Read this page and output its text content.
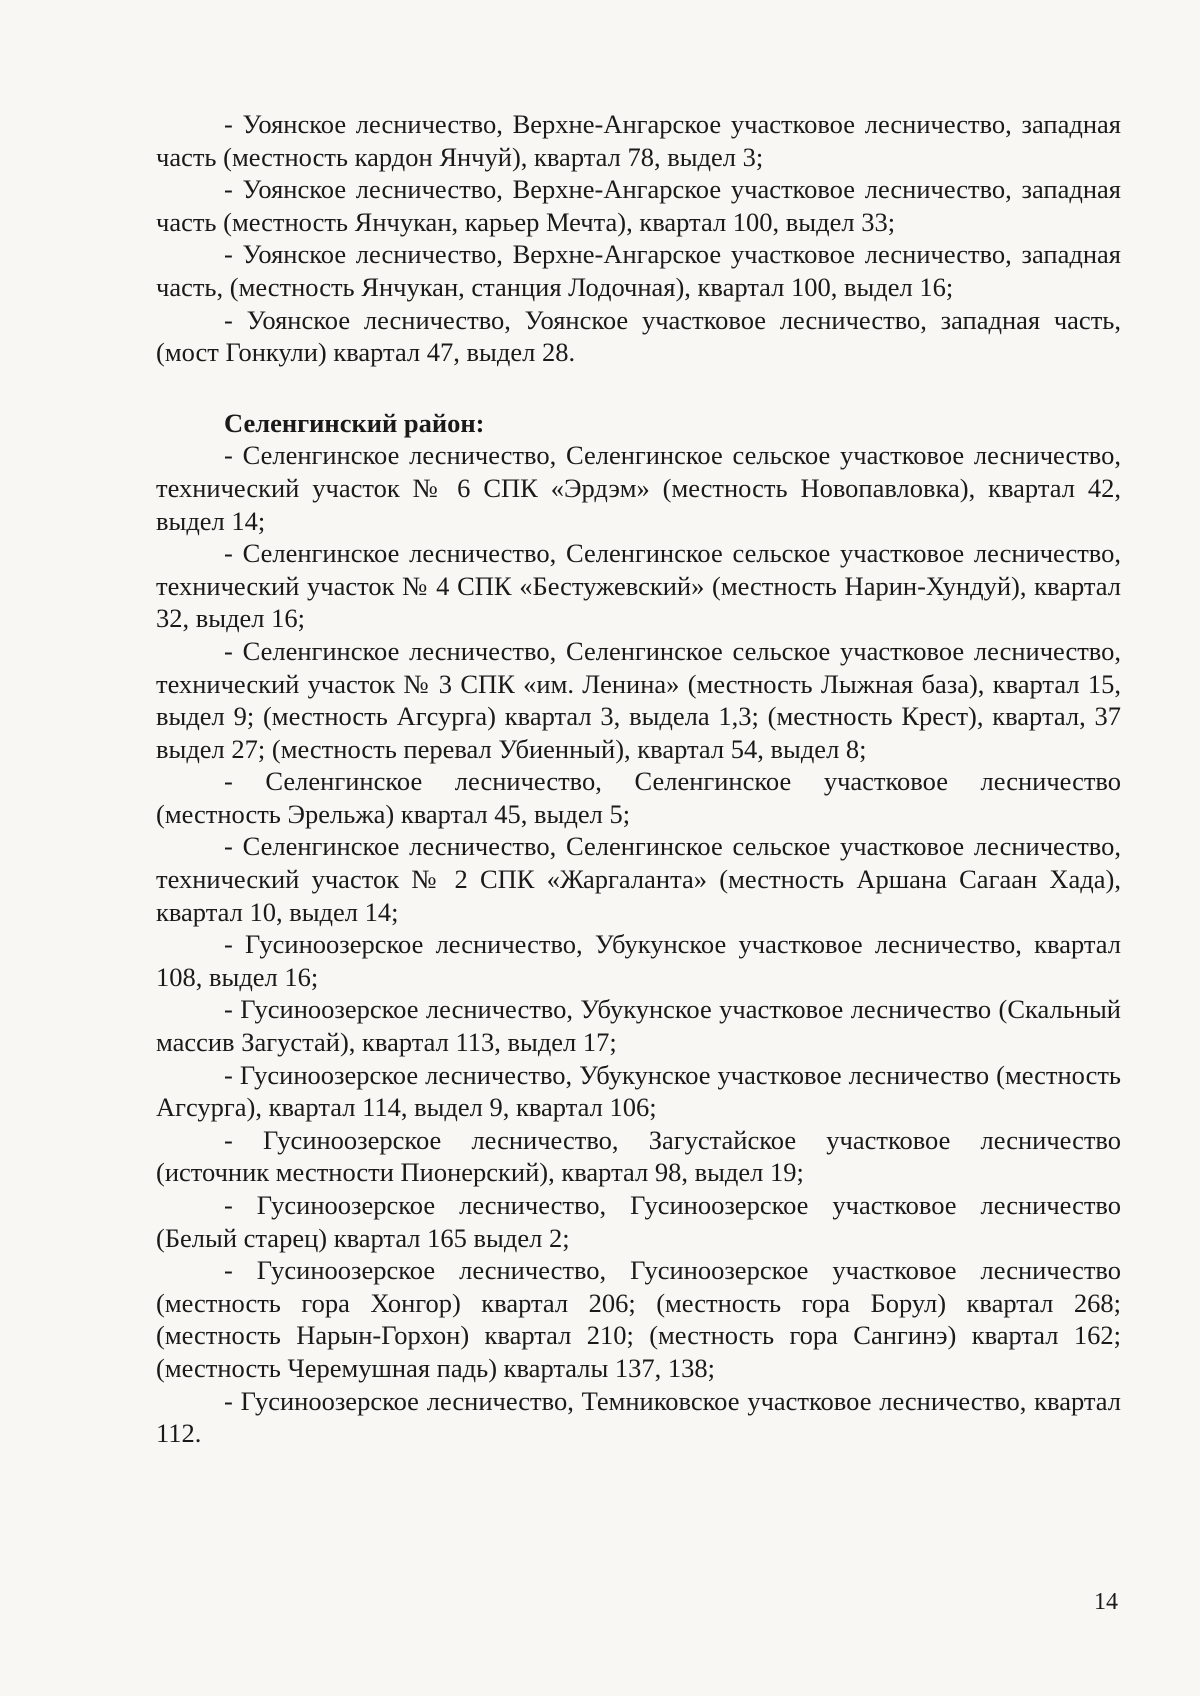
- Уоянское лесничество, Верхне-Ангарское участковое лесничество, западная часть (местность кардон Янчуй), квартал 78, выдел 3;

- Уоянское лесничество, Верхне-Ангарское участковое лесничество, западная часть (местность Янчукан, карьер Мечта), квартал 100, выдел 33;

- Уоянское лесничество, Верхне-Ангарское участковое лесничество, западная часть, (местность Янчукан, станция Лодочная), квартал 100, выдел 16;

- Уоянское лесничество, Уоянское участковое лесничество, западная часть, (мост Гонкули) квартал 47, выдел 28.

Селенгинский район:

- Селенгинское лесничество, Селенгинское сельское участковое лесничество, технический участок № 6 СПК «Эрдэм» (местность Новопавловка), квартал 42, выдел 14;

- Селенгинское лесничество, Селенгинское сельское участковое лесничество, технический участок № 4 СПК «Бестужевский» (местность Нарин-Хундуй), квартал 32, выдел 16;

- Селенгинское лесничество, Селенгинское сельское участковое лесничество, технический участок № 3 СПК «им. Ленина» (местность Лыжная база), квартал 15, выдел 9; (местность Агсурга) квартал 3, выдела 1,3; (местность Крест), квартал, 37 выдел 27; (местность перевал Убиенный), квартал 54, выдел 8;

- Селенгинское лесничество, Селенгинское участковое лесничество (местность Эрельжа) квартал 45, выдел 5;

- Селенгинское лесничество, Селенгинское сельское участковое лесничество, технический участок № 2 СПК «Жаргаланта» (местность Аршана Сагаан Хада), квартал 10, выдел 14;

- Гусиноозерское лесничество, Убукунское участковое лесничество, квартал 108, выдел 16;

- Гусиноозерское лесничество, Убукунское участковое лесничество (Скальный массив Загустай), квартал 113, выдел 17;

- Гусиноозерское лесничество, Убукунское участковое лесничество (местность Агсурга), квартал 114, выдел 9, квартал 106;

- Гусиноозерское лесничество, Загустайское участковое лесничество (источник местности Пионерский), квартал 98, выдел 19;

- Гусиноозерское лесничество, Гусиноозерское участковое лесничество (Белый старец) квартал 165 выдел 2;

- Гусиноозерское лесничество, Гусиноозерское участковое лесничество (местность гора Хонгор) квартал 206; (местность гора Борул) квартал 268; (местность Нарын-Горхон) квартал 210; (местность гора Сангинэ) квартал 162; (местность Черемушная падь) кварталы 137, 138;

- Гусиноозерское лесничество, Темниковское участковое лесничество, квартал 112.

14
